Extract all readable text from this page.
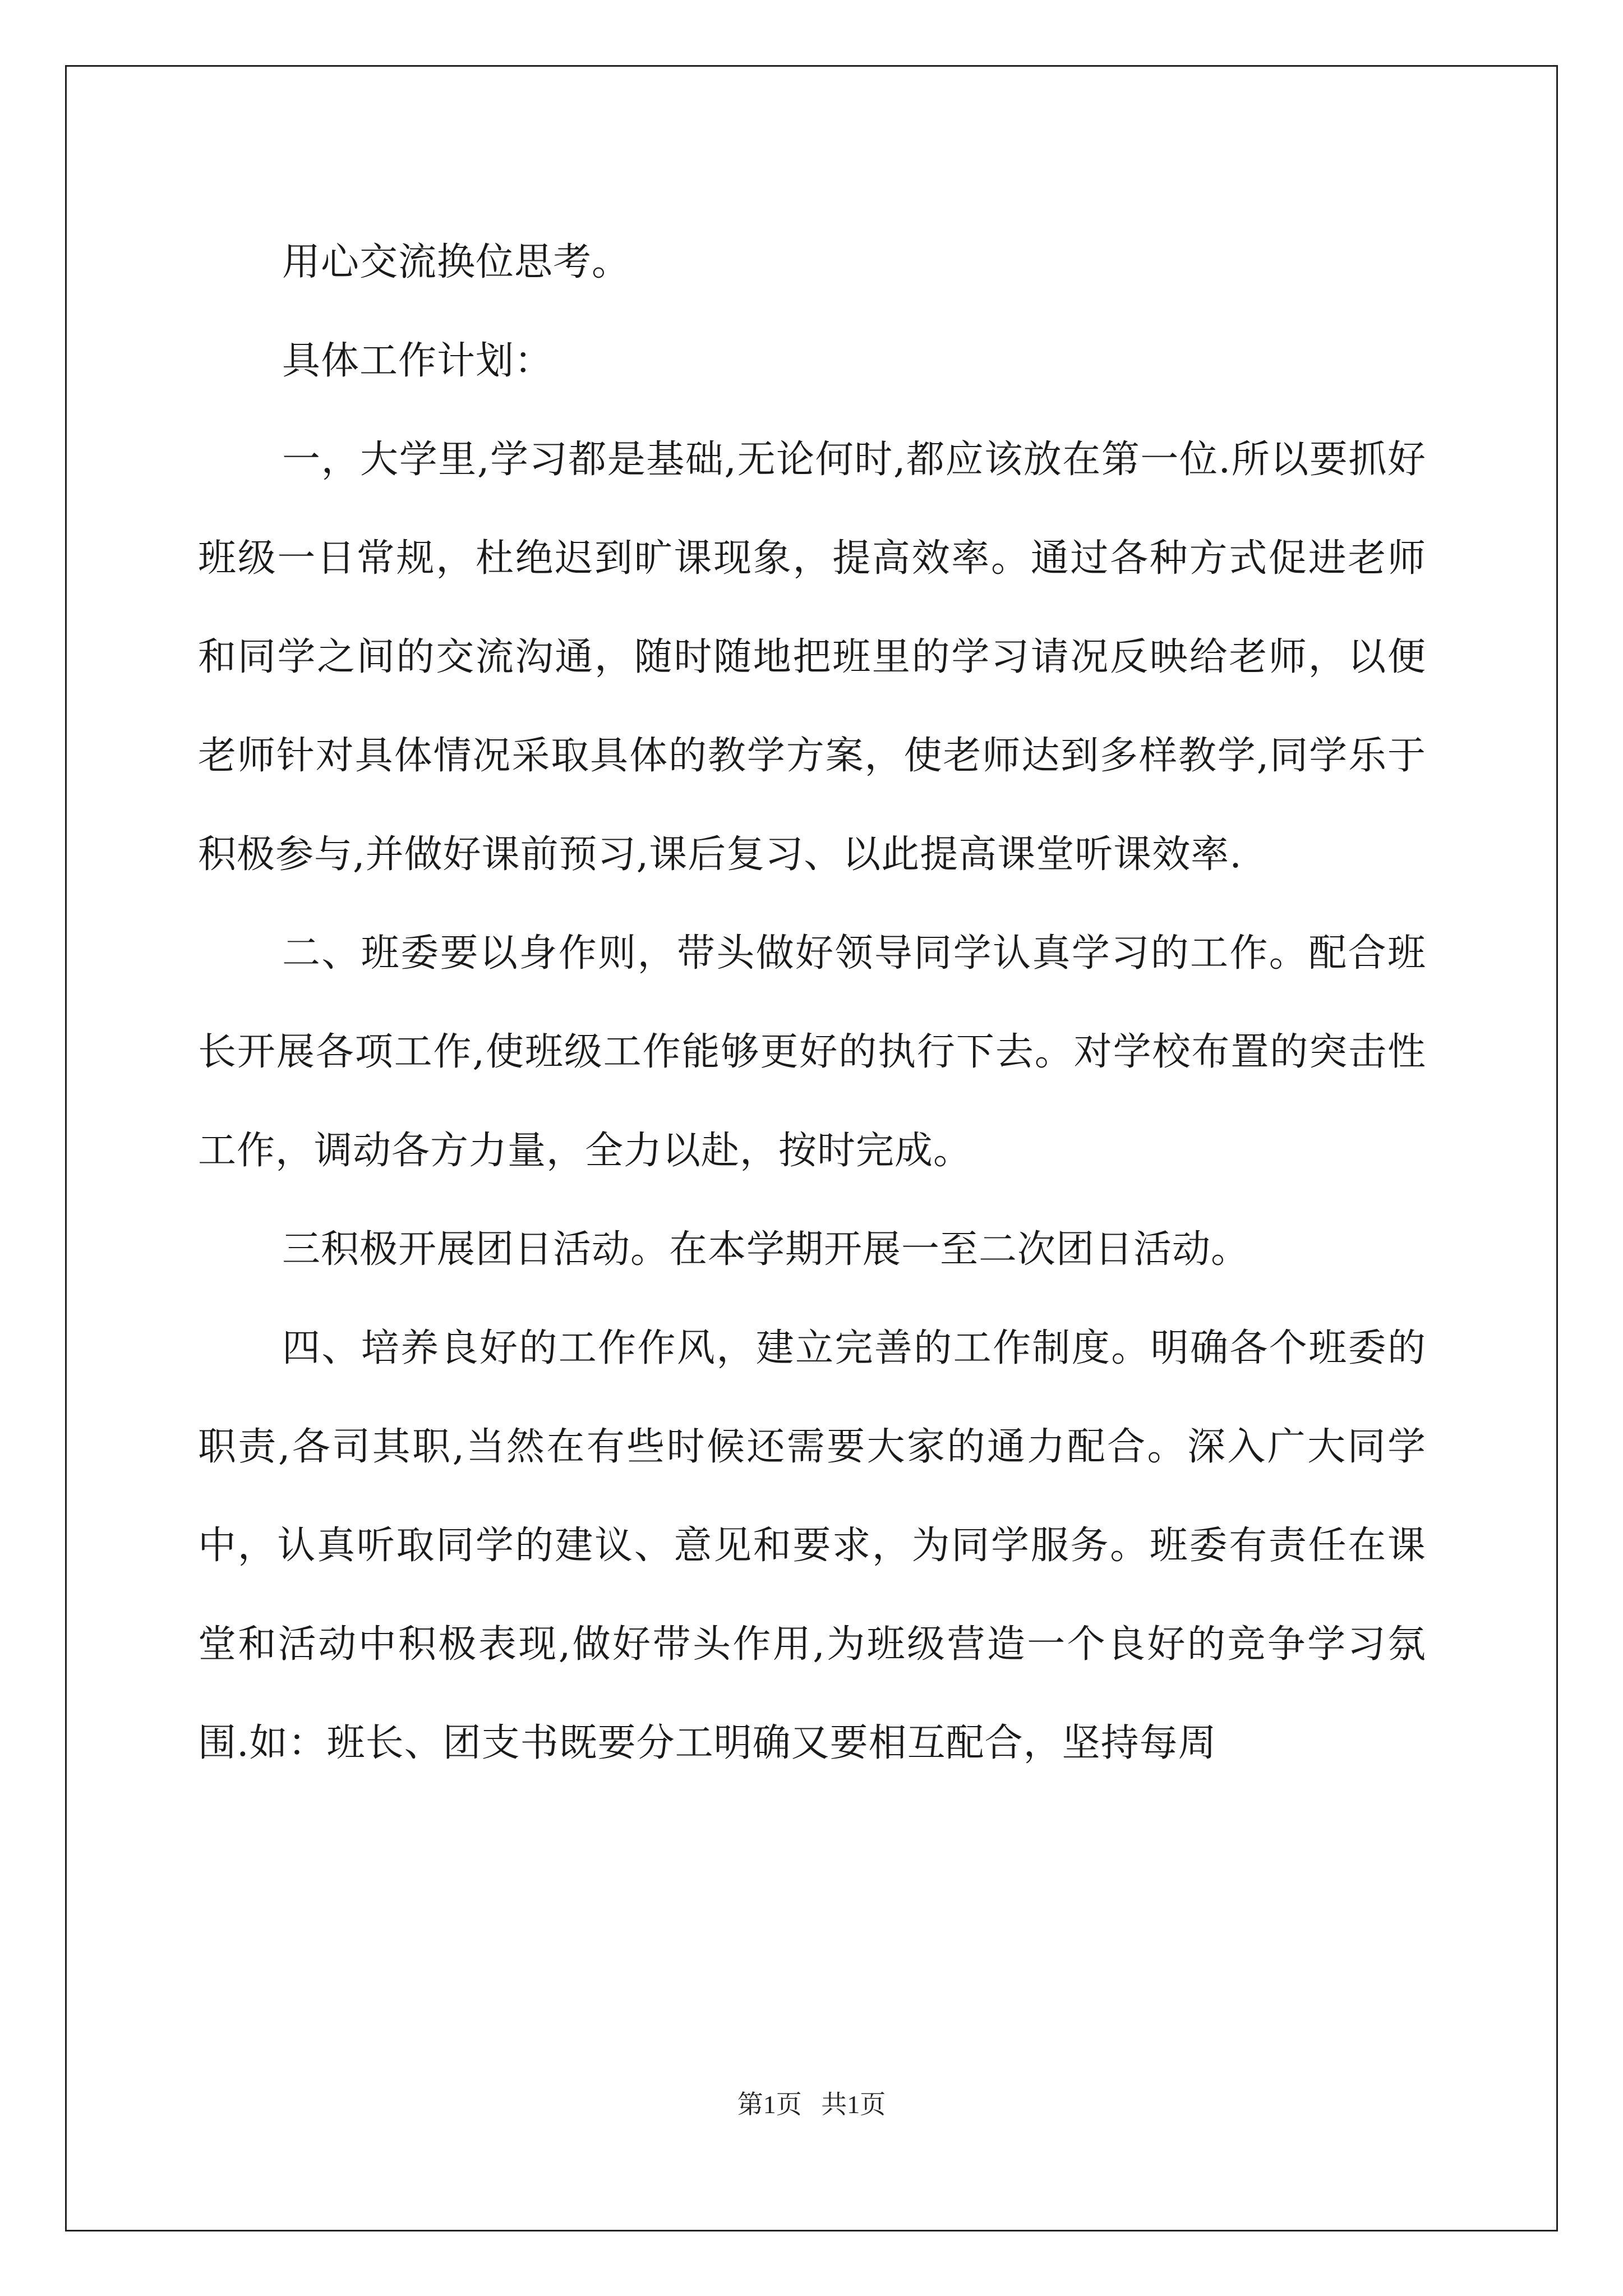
用心交流换位思考。

具体工作计划：

一，大学里,学习都是基础,无论何时,都应该放在第一位.所以要抓好班级一日常规，杜绝迟到旷课现象，提高效率。通过各种方式促进老师和同学之间的交流沟通，随时随地把班里的学习请况反映给老师，以便老师针对具体情况采取具体的教学方案，使老师达到多样教学,同学乐于积极参与,并做好课前预习,课后复习、以此提高课堂听课效率.

二、班委要以身作则，带头做好领导同学认真学习的工作。配合班长开展各项工作,使班级工作能够更好的执行下去。对学校布置的突击性工作，调动各方力量，全力以赴，按时完成。

三积极开展团日活动。在本学期开展一至二次团日活动。

四、培养良好的工作作风，建立完善的工作制度。明确各个班委的职责,各司其职,当然在有些时候还需要大家的通力配合。深入广大同学中，认真听取同学的建议、意见和要求，为同学服务。班委有责任在课堂和活动中积极表现,做好带头作用,为班级营造一个良好的竞争学习氛围.如：班长、团支书既要分工明确又要相互配合，坚持每周

第1页   共1页
